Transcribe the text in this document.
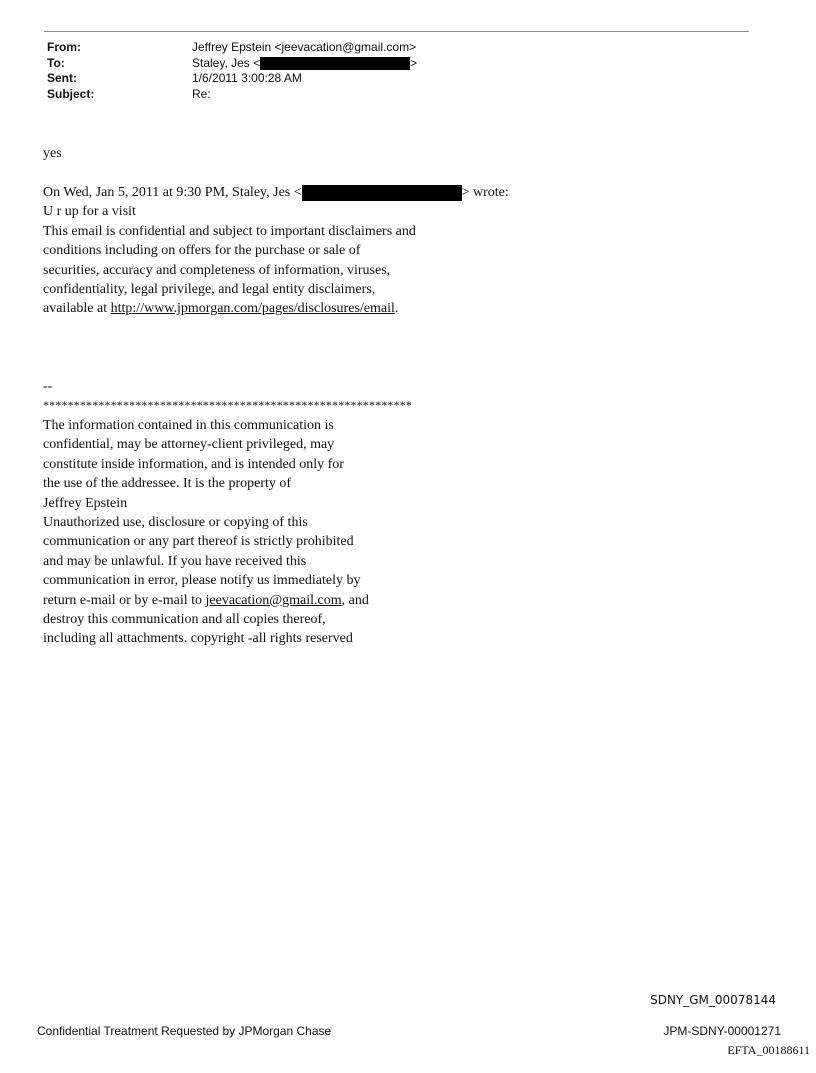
From:	Jeffrey Epstein <jeevacation@gmail.com>
To:	Staley, Jes <	>
Sent:	1/6/2011 3:00:28 AM
Subject:	Re:
yes
On Wed, Jan 5, 2011 at 9:30 PM, Staley, Jes <	> wrote:
U r up for a visit
This email is confidential and subject to important disclaimers and
conditions including on offers for the purchase or sale of
securities, accuracy and completeness of information, viruses,
confidentiality, legal privilege, and legal entity disclaimers,
available at http://www.jpmorgan.com/pages/disclosures/email.
--
************************************************************
The information contained in this communication is
confidential, may be attorney-client privileged, may
constitute inside information, and is intended only for
the use of the addressee. It is the property of
Jeffrey Epstein
Unauthorized use, disclosure or copying of this
communication or any part thereof is strictly prohibited
and may be unlawful. If you have received this
communication in error, please notify us immediately by
return e-mail or by e-mail to jeevacation@gmail.com, and
destroy this communication and all copies thereof,
including all attachments. copyright -all rights reserved
SDNY_GM_00078144
Confidential Treatment Requested by JPMorgan Chase	JPM-SDNY-00001271
EFTA_00188611
